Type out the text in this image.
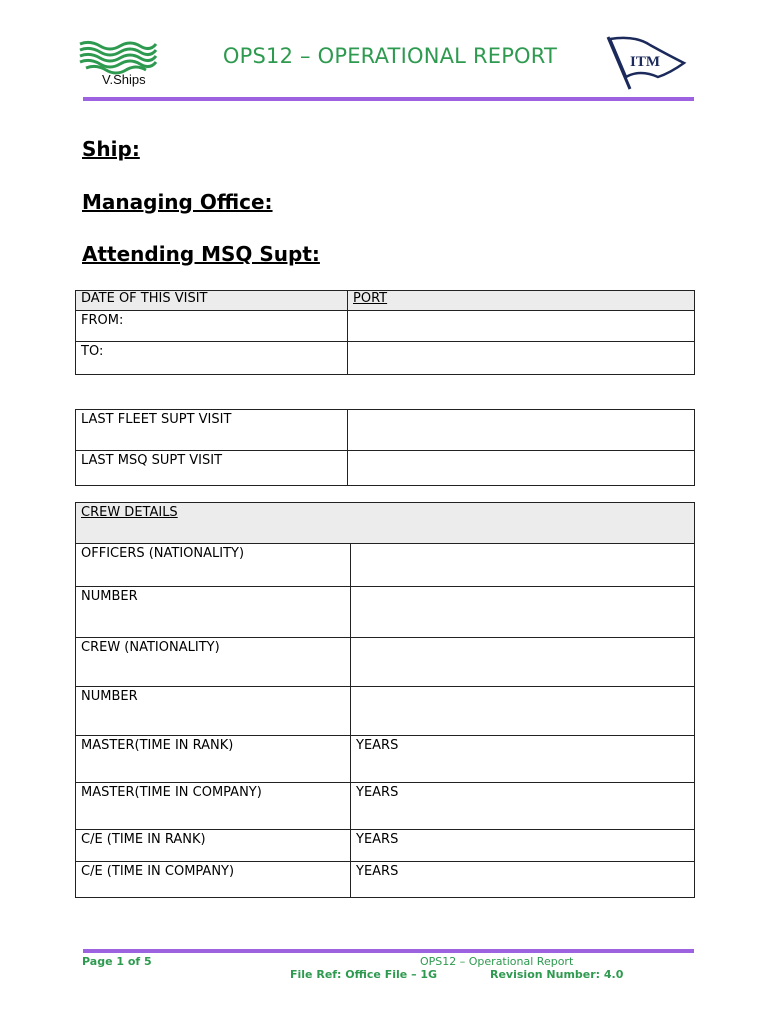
V.Ships
OPS12 – OPERATIONAL REPORT	ITM
Ship:
Managing Office:
Attending MSQ Supt:
DATE OF THIS VISIT	PORT
FROM:	
TO:	
LAST FLEET SUPT VISIT	
LAST MSQ SUPT VISIT	
CREW DETAILS	
OFFICERS (NATIONALITY)	
NUMBER	
CREW (NATIONALITY)	
NUMBER	
MASTER(TIME IN RANK)	YEARS
MASTER(TIME IN COMPANY)	YEARS
C/E (TIME IN RANK)	YEARS
C/E (TIME IN COMPANY)	YEARS
Page 1 of 5	OPS12 – Operational Report
File Ref: Office File – 1G	Revision Number: 4.0
